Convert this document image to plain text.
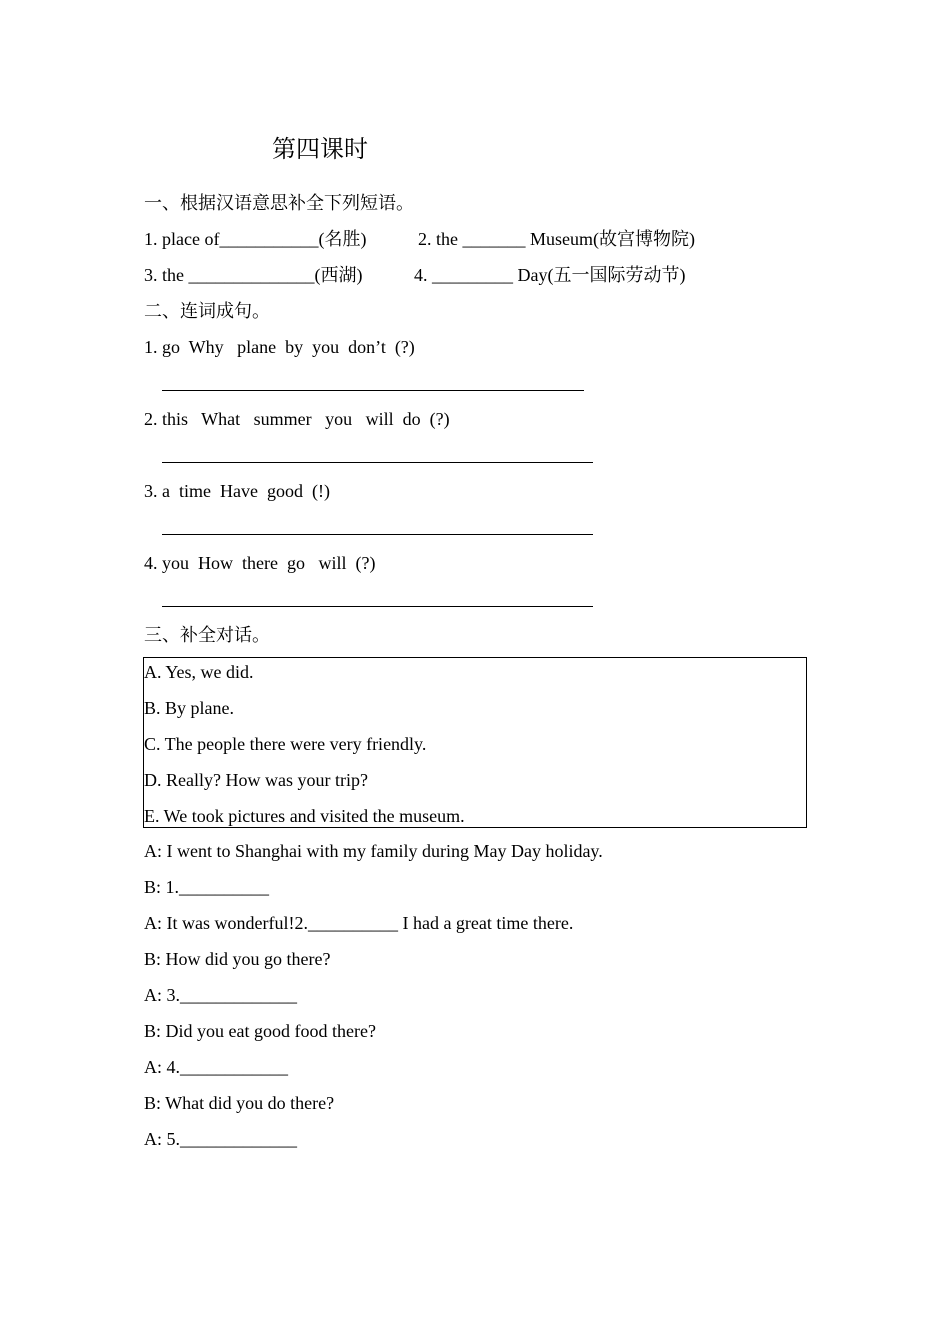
第四课时
一、根据汉语意思补全下列短语。
1. place of___________(名胜)	2. the _______ Museum(故宫博物院)
3. the ______________(西湖)	4. _________ Day(五一国际劳动节)
二、连词成句。
1. go  Why   plane  by  you  don’t  (?)
2. this   What   summer   you   will  do  (?)
3. a  time  Have  good  (!)
4. you  How  there  go   will  (?)
三、补全对话。
A. Yes, we did.
B. By plane.
C. The people there were very friendly.
D. Really? How was your trip?
E. We took pictures and visited the museum.
A: I went to Shanghai with my family during May Day holiday.
B: 1.__________
A: It was wonderful!2.__________ I had a great time there.
B: How did you go there?
A: 3._____________
B: Did you eat good food there?
A: 4.____________
B: What did you do there?
A: 5._____________
